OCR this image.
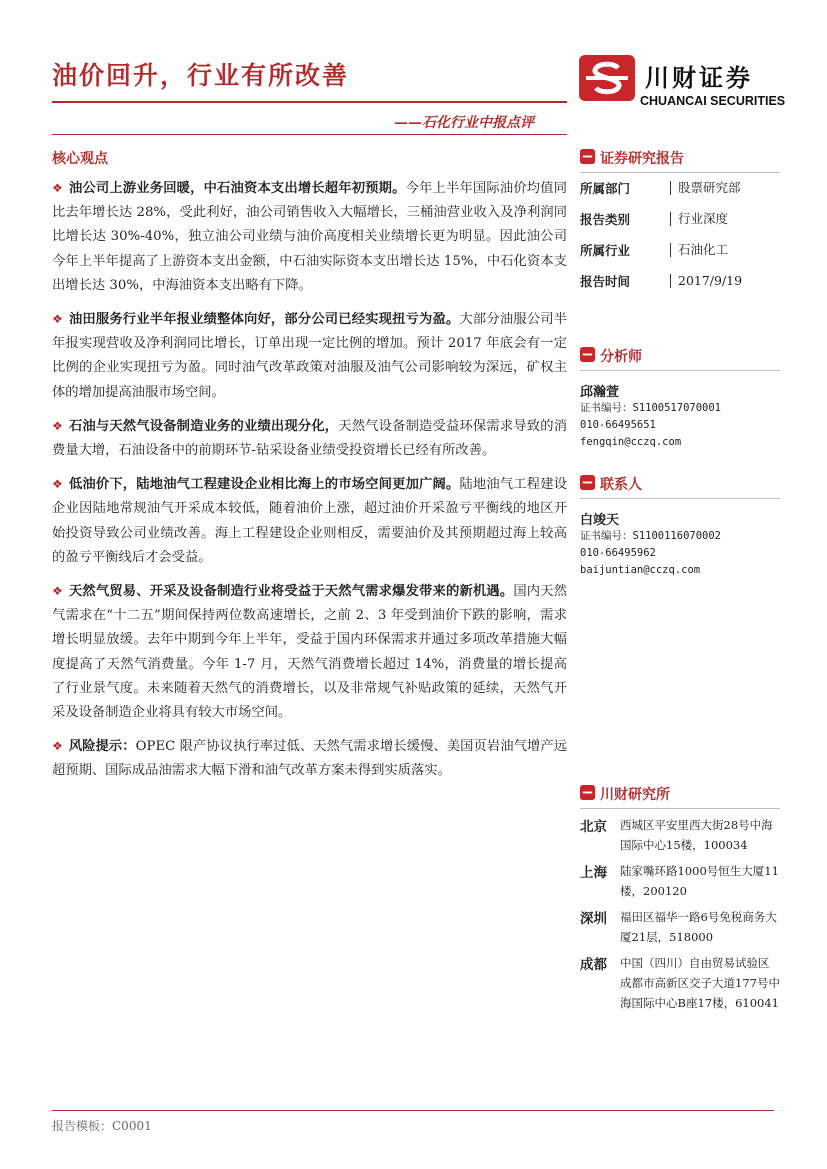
油价回升，行业有所改善
——石化行业中报点评
川财证券
CHUANCAI SECURITIES
核心观点

❖ 油公司上游业务回暖，中石油资本支出增长超年初预期。今年上半年国际油价均值同比去年增长达 28%，受此利好，油公司销售收入大幅增长，三桶油营业收入及净利润同比增长达 30%-40%，独立油公司业绩与油价高度相关业绩增长更为明显。因此油公司今年上半年提高了上游资本支出金额，中石油实际资本支出增长达 15%，中石化资本支出增长达 30%，中海油资本支出略有下降。

❖ 油田服务行业半年报业绩整体向好，部分公司已经实现扭亏为盈。大部分油服公司半年报实现营收及净利润同比增长，订单出现一定比例的增加。预计 2017 年底会有一定比例的企业实现扭亏为盈。同时油气改革政策对油服及油气公司影响较为深远，矿权主体的增加提高油服市场空间。

❖ 石油与天然气设备制造业务的业绩出现分化，天然气设备制造受益环保需求导致的消费量大增，石油设备中的前期环节-钻采设备业绩受投资增长已经有所改善。

❖ 低油价下，陆地油气工程建设企业相比海上的市场空间更加广阔。陆地油气工程建设企业因陆地常规油气开采成本较低，随着油价上涨，超过油价开采盈亏平衡线的地区开始投资导致公司业绩改善。海上工程建设企业则相反，需要油价及其预期超过海上较高的盈亏平衡线后才会受益。

❖ 天然气贸易、开采及设备制造行业将受益于天然气需求爆发带来的新机遇。国内天然气需求在“十二五”期间保持两位数高速增长，之前 2、3 年受到油价下跌的影响，需求增长明显放缓。去年中期到今年上半年，受益于国内环保需求并通过多项改革措施大幅度提高了天然气消费量。今年 1-7 月，天然气消费增长超过 14%，消费量的增长提高了行业景气度。未来随着天然气的消费增长，以及非常规气补贴政策的延续，天然气开采及设备制造企业将具有较大市场空间。

❖ 风险提示：OPEC 限产协议执行率过低、天然气需求增长缓慢、美国页岩油气增产远超预期、国际成品油需求大幅下滑和油气改革方案未得到实质落实。

证券研究报告
所属部门	股票研究部
报告类别	行业深度
所属行业	石油化工
报告时间	2017/9/19
分析师
邱瀚萱
证书编号：S1100517070001
010-66495651
fengqin@cczq.com
联系人
白竣天
证书编号：S1100116070002
010-66495962
baijuntian@cczq.com
川财研究所
北京	西城区平安里西大街28号中海国际中心15楼，100034
上海	陆家嘴环路1000号恒生大厦11楼，200120
深圳	福田区福华一路6号免税商务大厦21层，518000
成都	中国（四川）自由贸易试验区成都市高新区交子大道177号中海国际中心B座17楼，610041
报告模板：C0001
